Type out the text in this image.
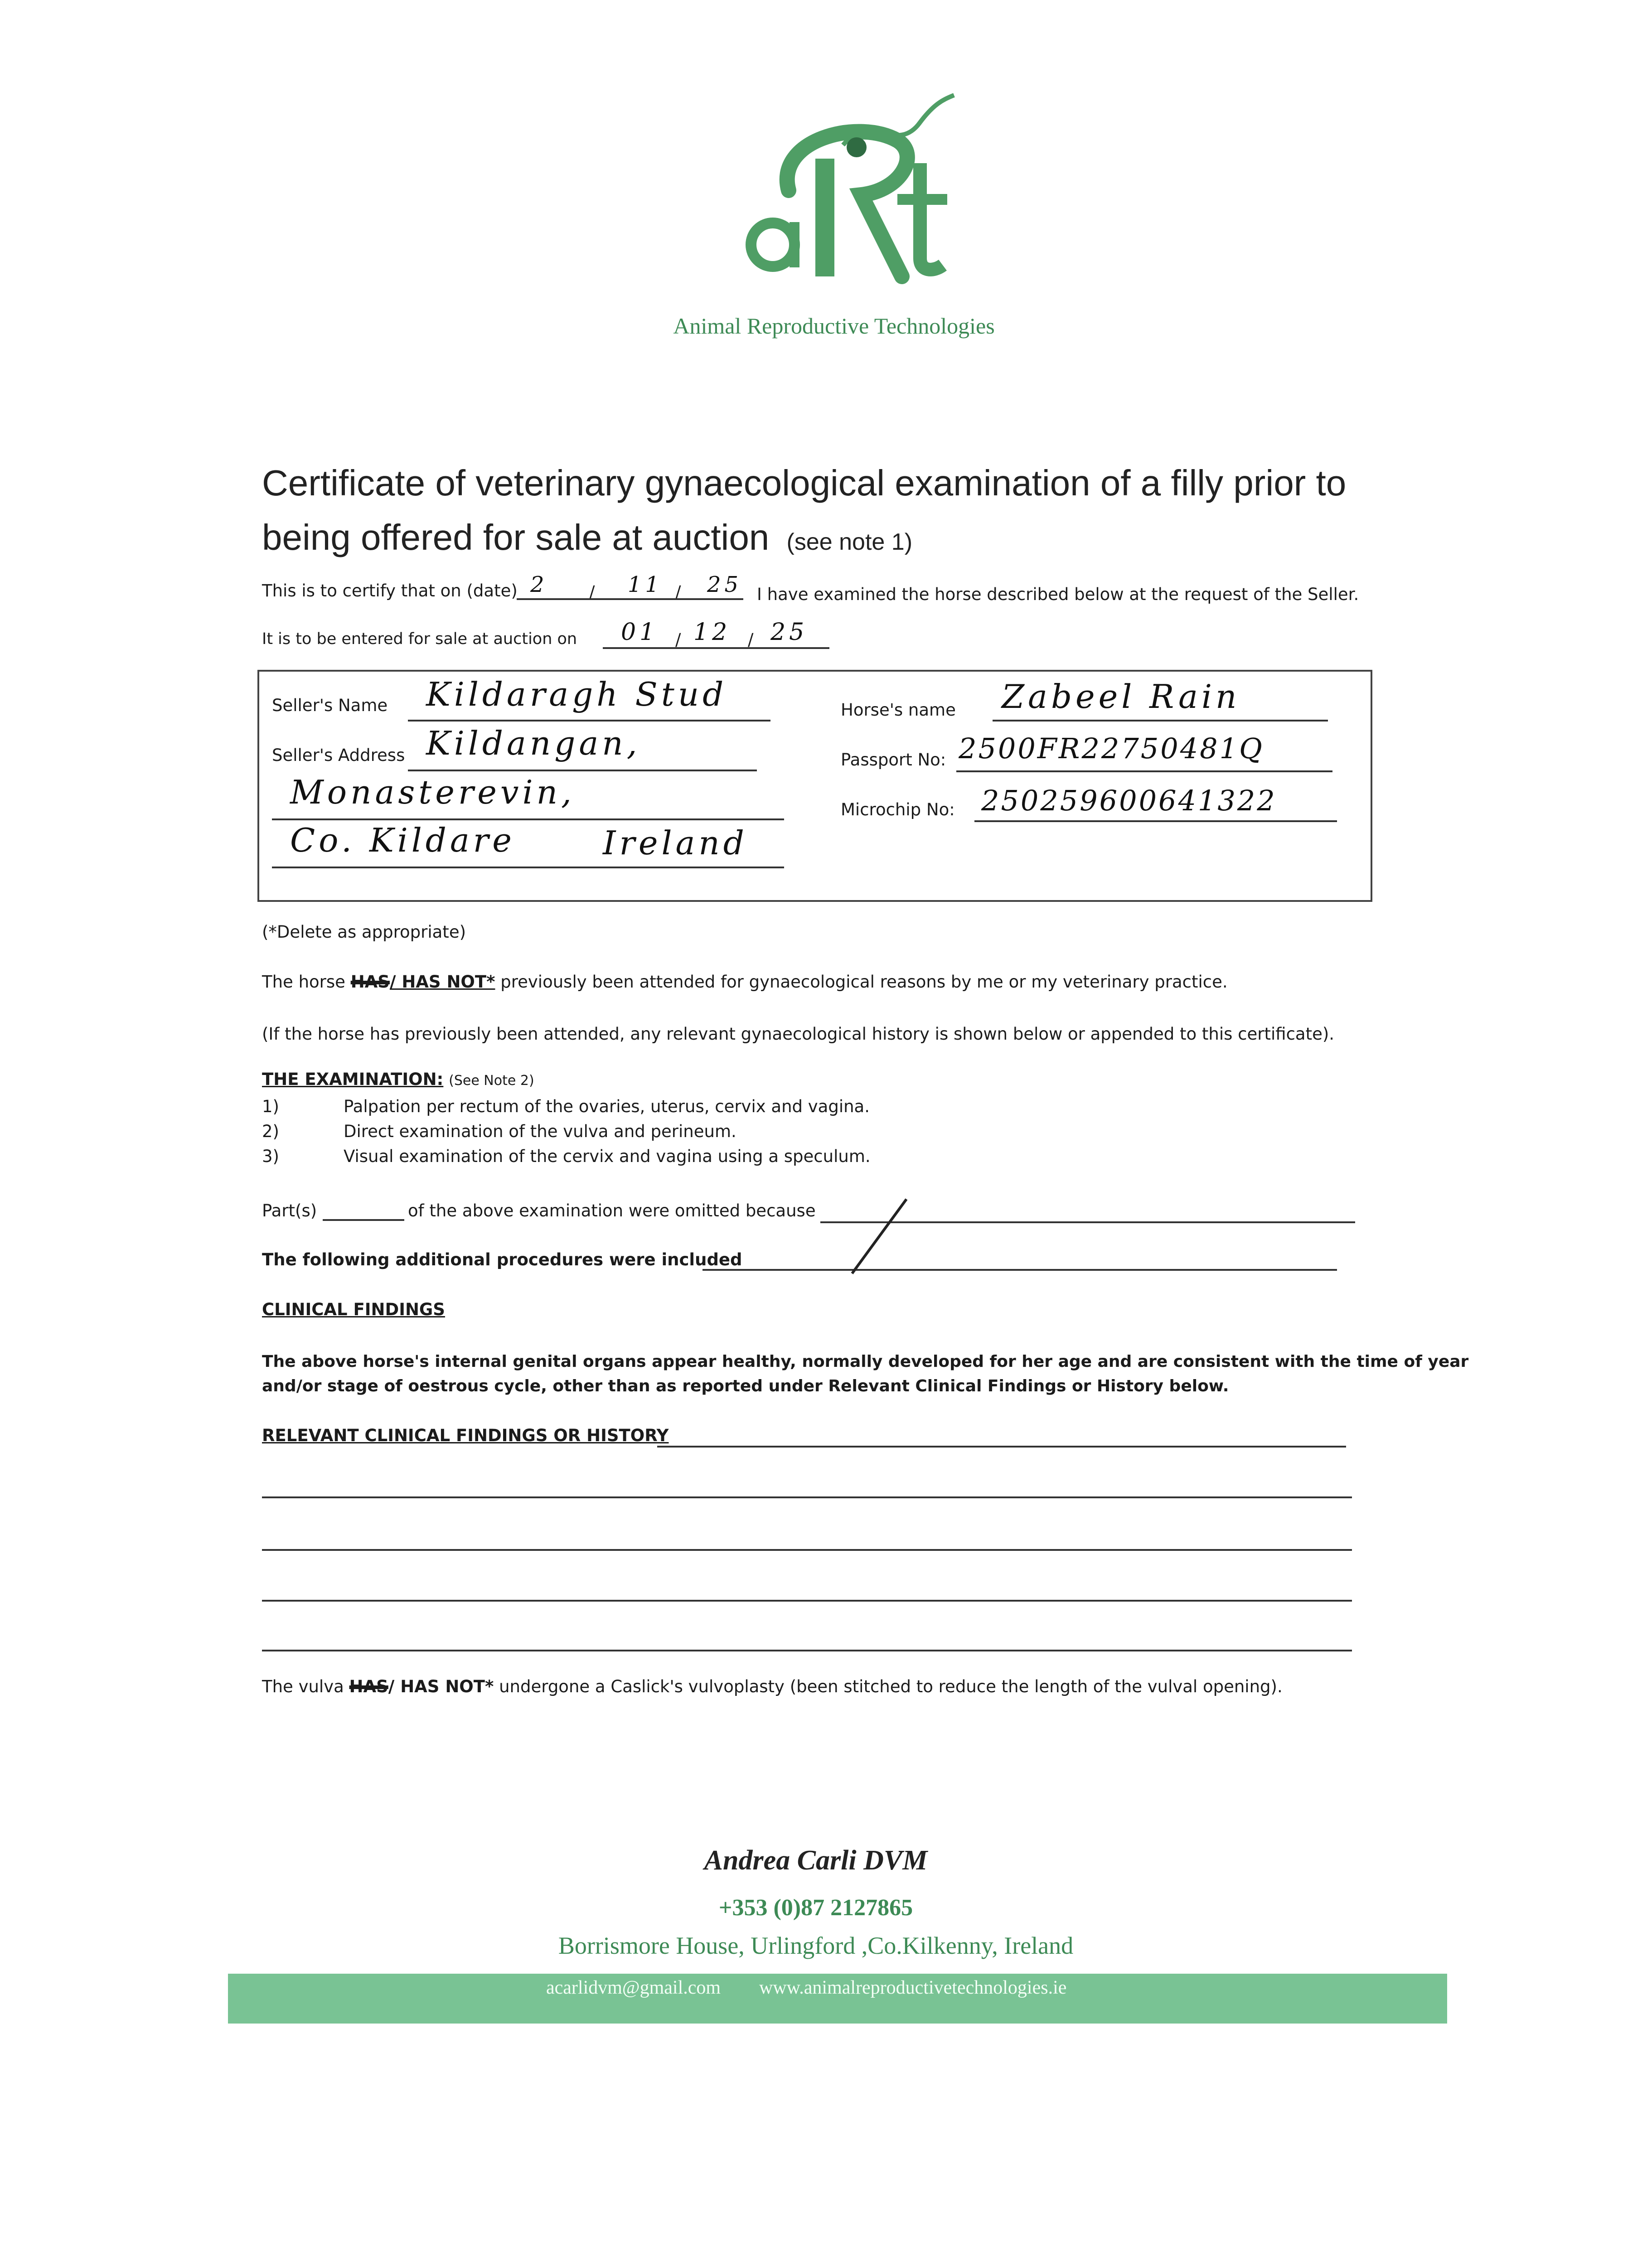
Animal Reproductive Technologies
Certificate of veterinary gynaecological examination of a filly prior to
being offered for sale at auction (see note 1)
This is to certify that on (date) 2 / 11 / 25 I have examined the horse described below at the request of the Seller.
It is to be entered for sale at auction on 01 / 12 / 25
Seller's Name Kildaragh Stud
Seller's Address Kildangan,
Monasterevin,
Co. Kildare	Ireland
Horse's name Zabeel Rain
Passport No: 2500FR22750481Q
Microchip No: 250259600641322
(*Delete as appropriate)
The horse HAS/ HAS NOT* previously been attended for gynaecological reasons by me or my veterinary practice.
(If the horse has previously been attended, any relevant gynaecological history is shown below or appended to this certificate).
THE EXAMINATION: (See Note 2)
1)	Palpation per rectum of the ovaries, uterus, cervix and vagina.
2)	Direct examination of the vulva and perineum.
3)	Visual examination of the cervix and vagina using a speculum.
Part(s)	of the above examination were omitted because
The following additional procedures were included
CLINICAL FINDINGS
The above horse's internal genital organs appear healthy, normally developed for her age and are consistent with the time of year
and/or stage of oestrous cycle, other than as reported under Relevant Clinical Findings or History below.
RELEVANT CLINICAL FINDINGS OR HISTORY
The vulva HAS/ HAS NOT* undergone a Caslick's vulvoplasty (been stitched to reduce the length of the vulval opening).
Andrea Carli DVM
+353 (0)87 2127865
Borrismore House, Urlingford ,Co.Kilkenny, Ireland
acarlidvm@gmail.com www.animalreproductivetechnologies.ie
